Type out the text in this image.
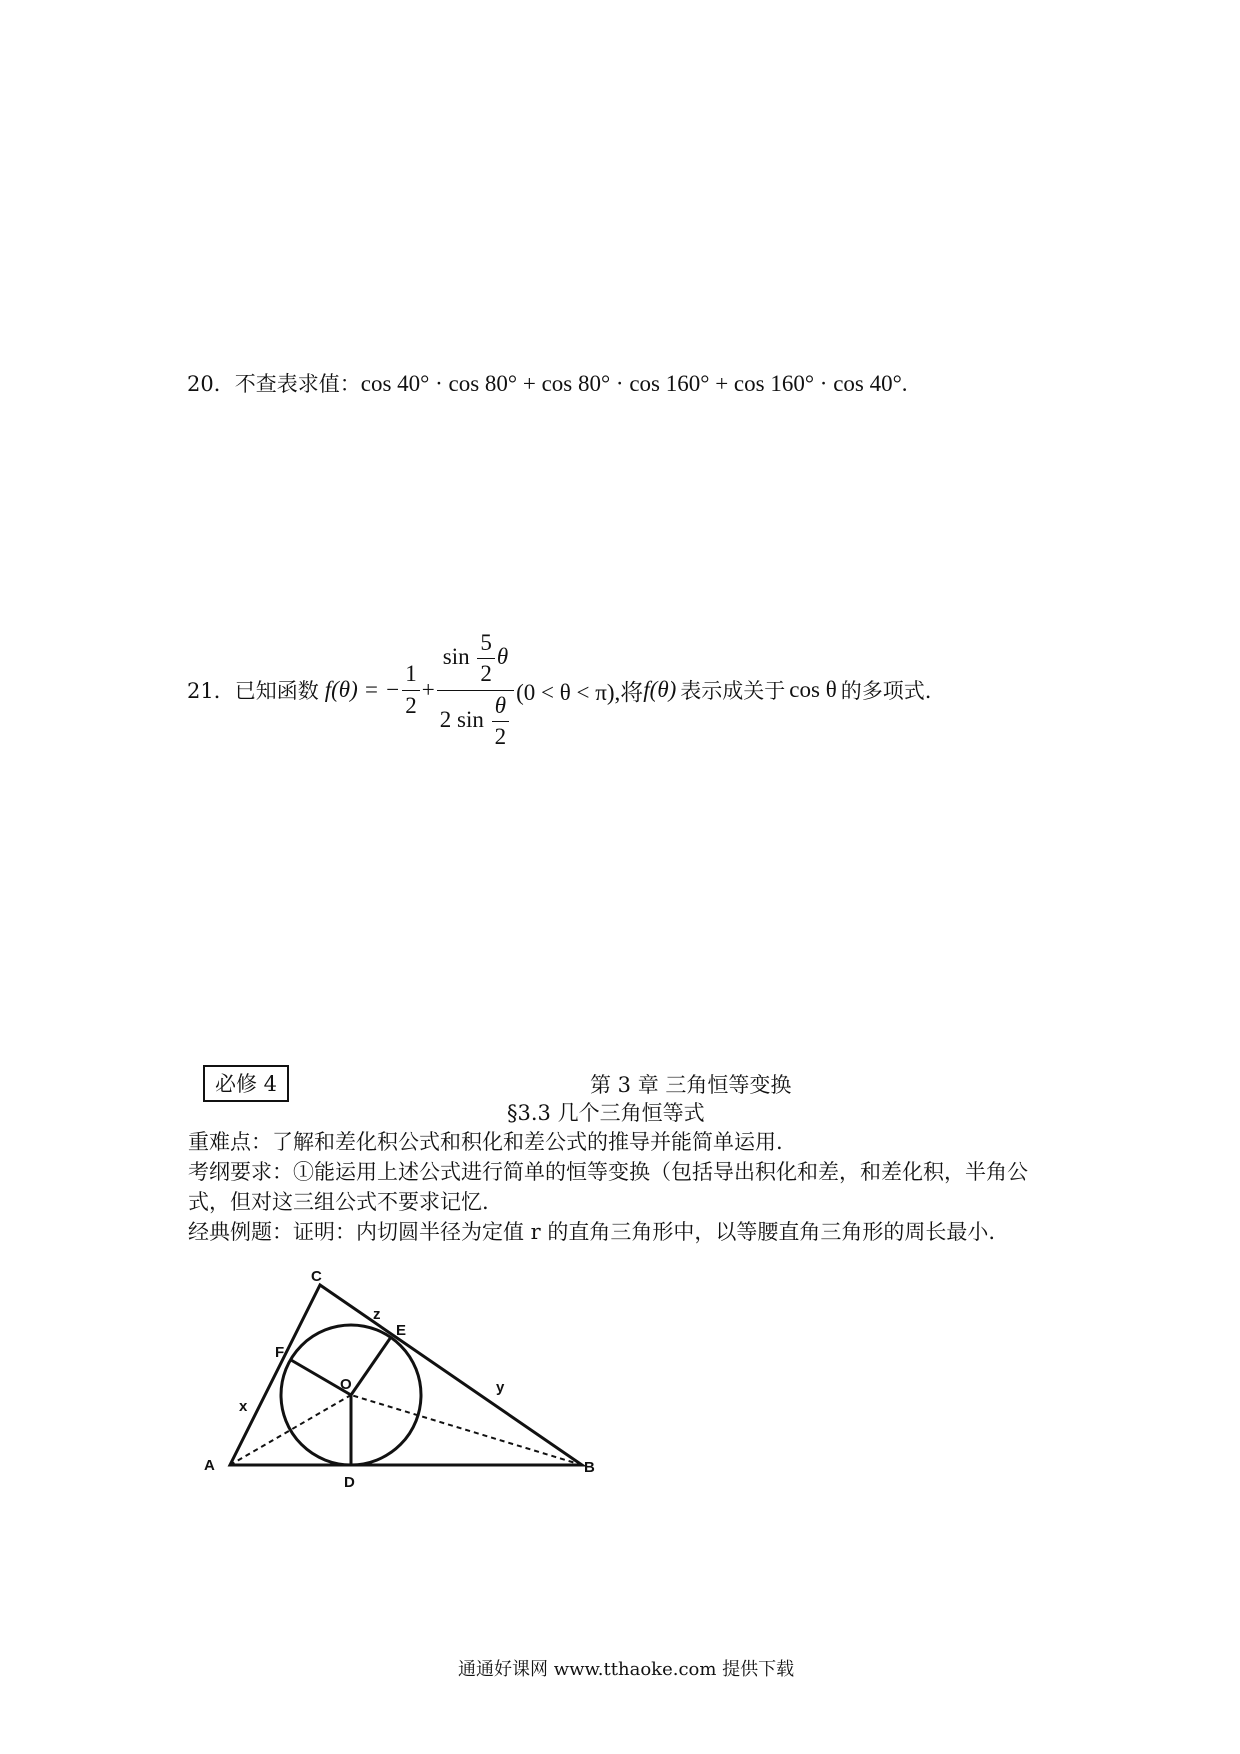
20．不查表求值：cos 40° · cos 80° + cos 80° · cos 160° + cos 160° · cos 40°.
21． 已知函数 f(θ) = − $\frac{1}{2} + \frac{\sin \frac{5}{2} \theta}{2 \sin \frac{\theta}{2}} (0 < \theta < \pi)$,将 f(θ) 表示成关于 cos θ 的多项式.
必修 4	第 3 章 三角恒等变换
§3.3 几个三角恒等式
重难点：了解和差化积公式和积化和差公式的推导并能简单运用.
考纲要求：①能运用上述公式进行简单的恒等变换（包括导出积化和差，和差化积，半角公
式，但对这三组公式不要求记忆.
经典例题：证明：内切圆半径为定值 r 的直角三角形中，以等腰直角三角形的周长最小.
A	B
C
D
E
F
O
x
y
z
通通好课网 www.tthaoke.com 提供下载
